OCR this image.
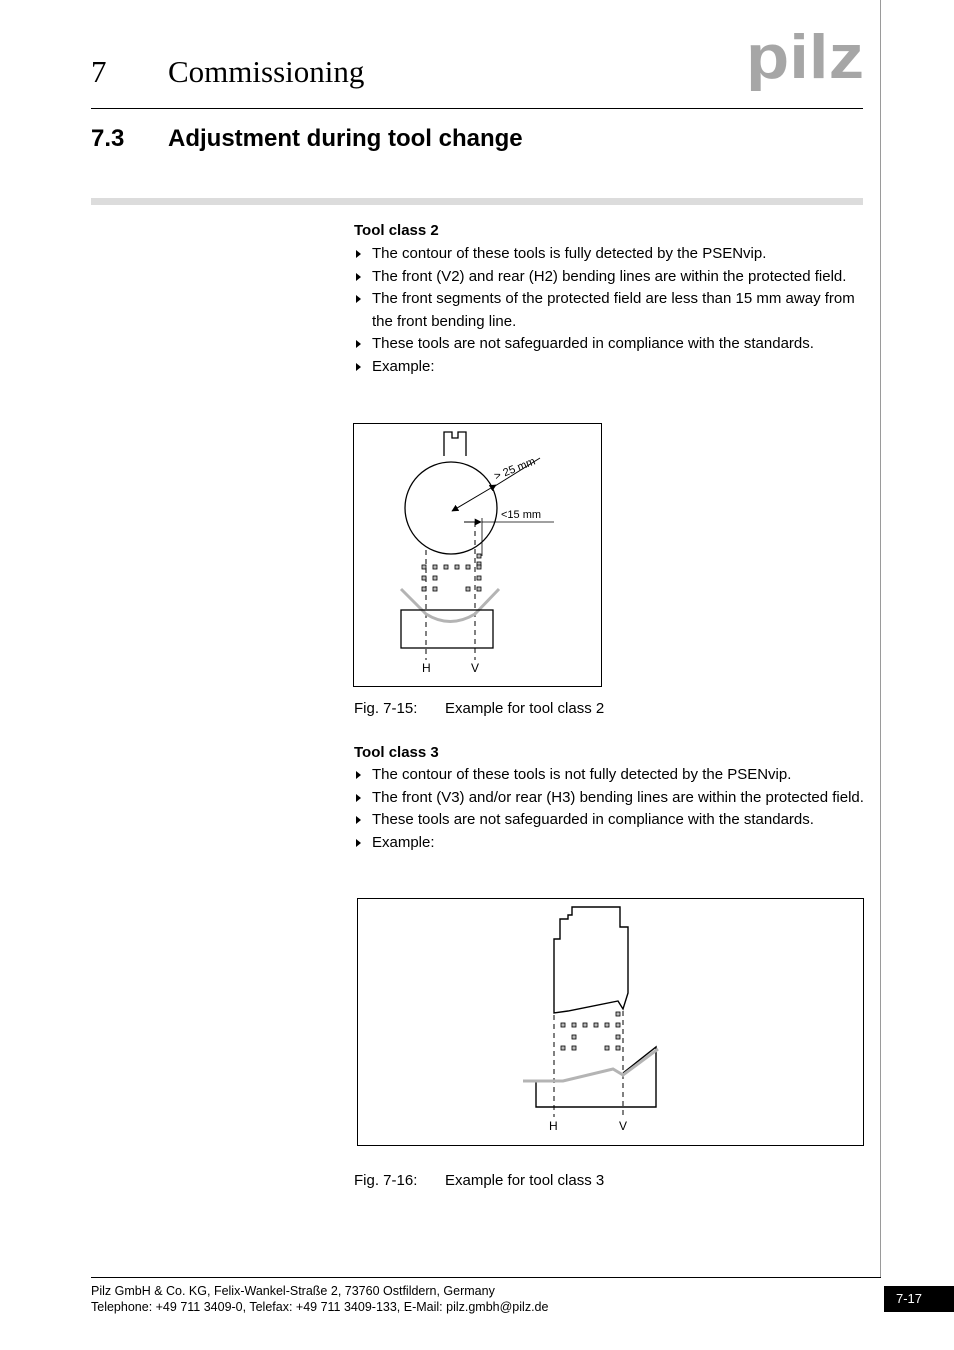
7 Commissioning	pilz
7.3 Adjustment during tool change
Tool class 2
The contour of these tools is fully detected by the PSENvip.
The front (V2) and rear (H2) bending lines are within the protected field.
The front segments of the protected field are less than 15 mm away from the front bending line.
These tools are not safeguarded in compliance with the standards.
Example:
> 25 mm
<15 mm
H	V
Fig. 7-15: Example for tool class 2
Tool class 3
The contour of these tools is not fully detected by the PSENvip.
The front (V3) and/or rear (H3) bending lines are within the protected field.
These tools are not safeguarded in compliance with the standards.
Example:
H	V
Fig. 7-16: Example for tool class 3
Pilz GmbH & Co. KG, Felix-Wankel-Straße 2, 73760 Ostfildern, Germany
Telephone: +49 711 3409-0, Telefax: +49 711 3409-133, E-Mail: pilz.gmbh@pilz.de
7-17
